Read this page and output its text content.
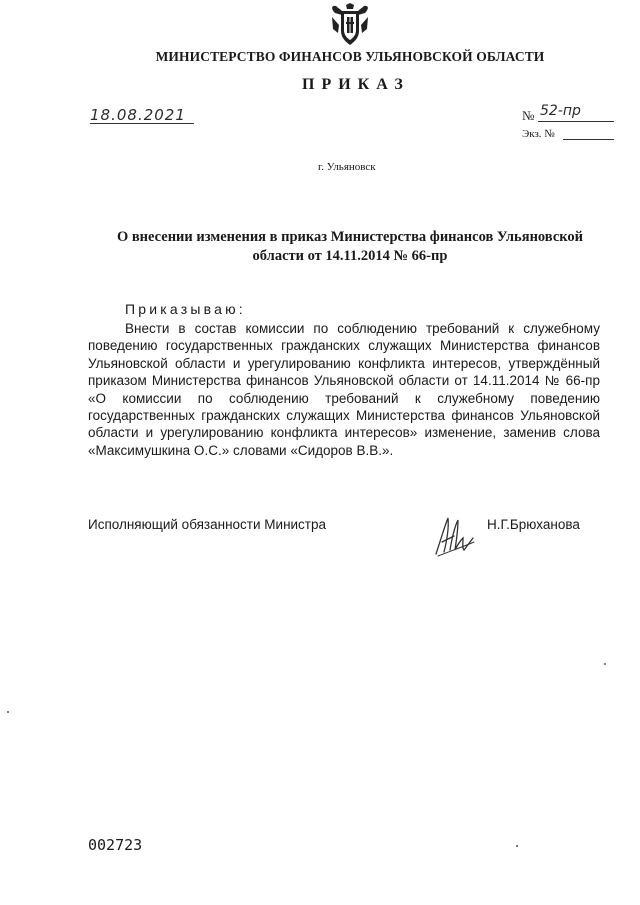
МИНИСТЕРСТВО ФИНАНСОВ УЛЬЯНОВСКОЙ ОБЛАСТИ
ПРИКАЗ
18.08.2021	№ 52-пр
Экз. №
г. Ульяновск
О внесении изменения в приказ Министерства финансов Ульяновской
области от 14.11.2014 № 66-пр
Приказываю:
Внести в состав комиссии по соблюдению требований к служебному поведению государственных гражданских служащих Министерства финансов Ульяновской области и урегулированию конфликта интересов, утверждённый приказом Министерства финансов Ульяновской области от 14.11.2014 № 66-пр «О комиссии по соблюдению требований к служебному поведению государственных гражданских служащих Министерства финансов Ульяновской области и урегулированию конфликта интересов» изменение, заменив слова «Максимушкина О.С.» словами «Сидоров В.В.».
Исполняющий обязанности Министра	Н.Г.Брюханова
002723
